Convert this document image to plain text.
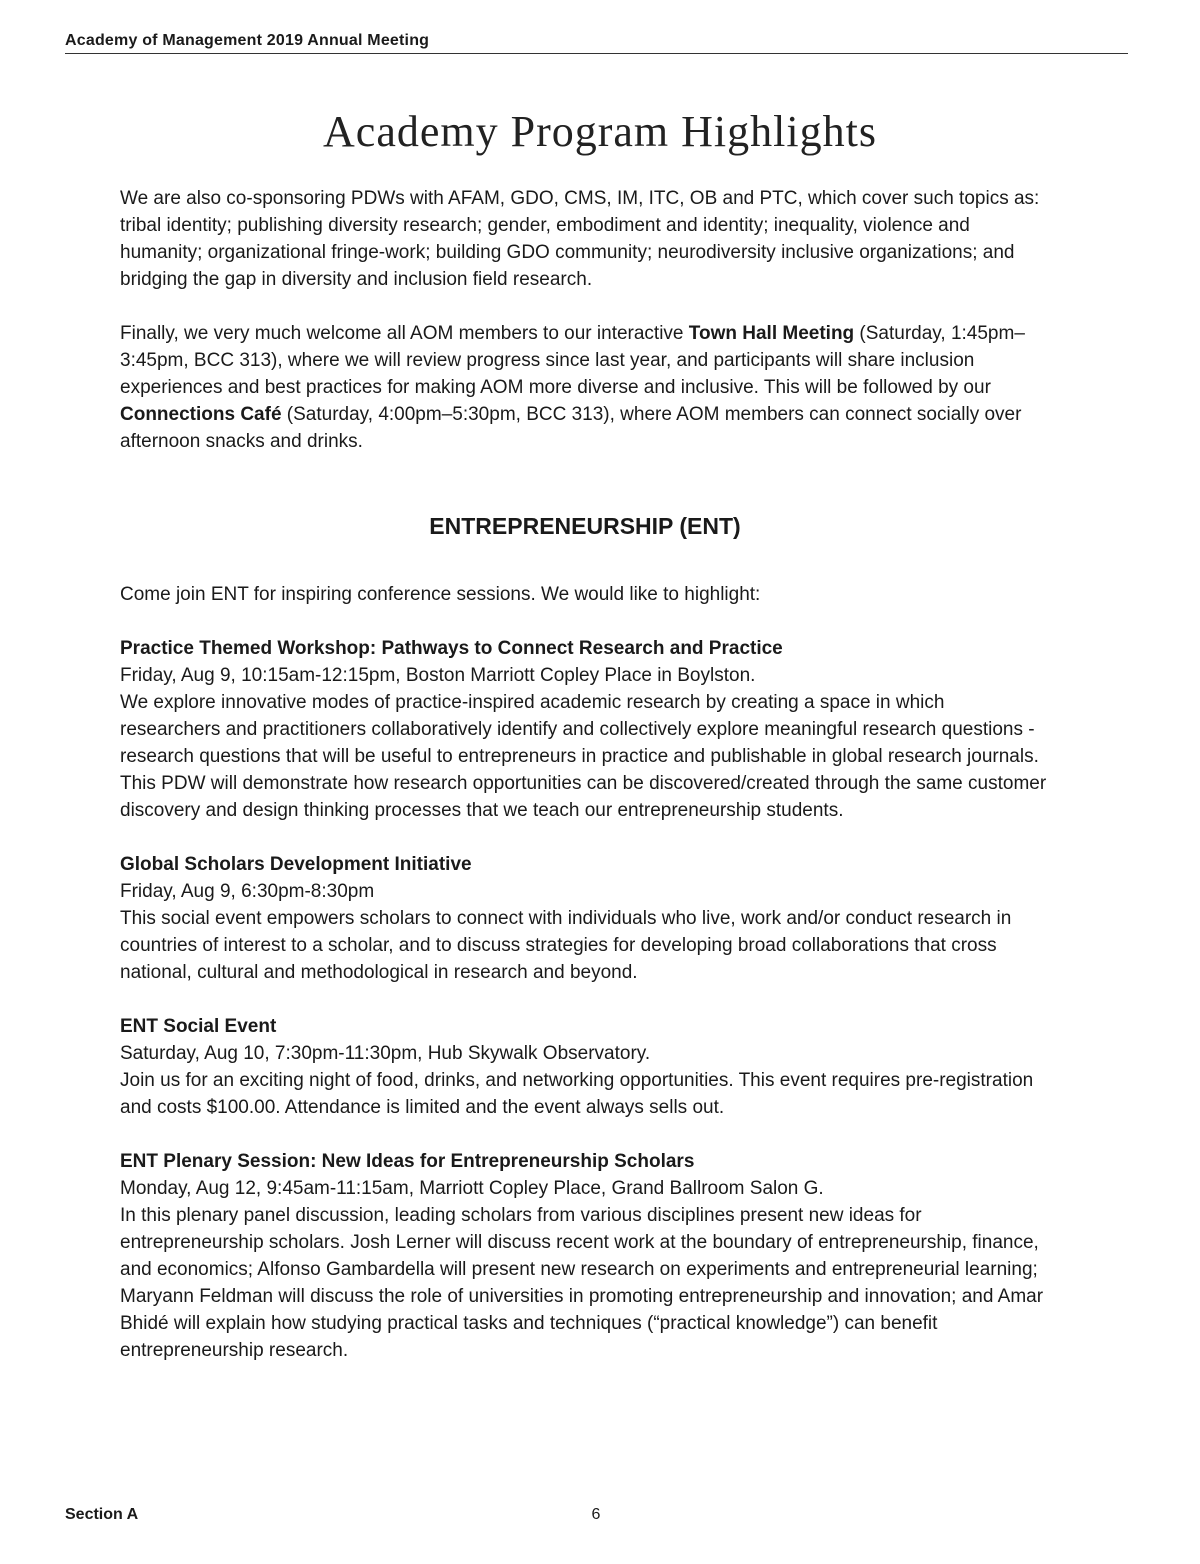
Academy of Management 2019 Annual Meeting
Academy Program Highlights

We are also co-sponsoring PDWs with AFAM, GDO, CMS, IM, ITC, OB and PTC, which cover such topics as: tribal identity; publishing diversity research; gender, embodiment and identity; inequality, violence and humanity; organizational fringe-work; building GDO community; neurodiversity inclusive organizations; and bridging the gap in diversity and inclusion field research.

Finally, we very much welcome all AOM members to our interactive Town Hall Meeting (Saturday, 1:45pm–3:45pm, BCC 313), where we will review progress since last year, and participants will share inclusion experiences and best practices for making AOM more diverse and inclusive. This will be followed by our Connections Café (Saturday, 4:00pm–5:30pm, BCC 313), where AOM members can connect socially over afternoon snacks and drinks.

ENTREPRENEURSHIP (ENT)

Come join ENT for inspiring conference sessions. We would like to highlight:

Practice Themed Workshop: Pathways to Connect Research and Practice
Friday, Aug 9, 10:15am-12:15pm, Boston Marriott Copley Place in Boylston.
We explore innovative modes of practice-inspired academic research by creating a space in which researchers and practitioners collaboratively identify and collectively explore meaningful research questions - research questions that will be useful to entrepreneurs in practice and publishable in global research journals. This PDW will demonstrate how research opportunities can be discovered/created through the same customer discovery and design thinking processes that we teach our entrepreneurship students.
Global Scholars Development Initiative
Friday, Aug 9, 6:30pm-8:30pm
This social event empowers scholars to connect with individuals who live, work and/or conduct research in countries of interest to a scholar, and to discuss strategies for developing broad collaborations that cross national, cultural and methodological in research and beyond.
ENT Social Event
Saturday, Aug 10, 7:30pm-11:30pm, Hub Skywalk Observatory.
Join us for an exciting night of food, drinks, and networking opportunities. This event requires pre-registration and costs $100.00. Attendance is limited and the event always sells out.
ENT Plenary Session: New Ideas for Entrepreneurship Scholars
Monday, Aug 12, 9:45am-11:15am, Marriott Copley Place, Grand Ballroom Salon G.
In this plenary panel discussion, leading scholars from various disciplines present new ideas for entrepreneurship scholars. Josh Lerner will discuss recent work at the boundary of entrepreneurship, finance, and economics; Alfonso Gambardella will present new research on experiments and entrepreneurial learning; Maryann Feldman will discuss the role of universities in promoting entrepreneurship and innovation; and Amar Bhidé will explain how studying practical tasks and techniques (“practical knowledge”) can benefit entrepreneurship research.
Section A	6
